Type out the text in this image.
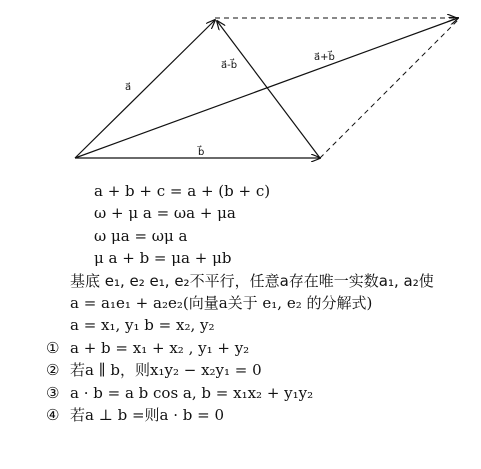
a⃗
b⃗
a⃗-b⃗
a⃗+b⃗
a + b + c = a + (b + c)
ω + μ a = ωa + μa
ω μa = ωμ a
μ a + b = μa + μb
基底 e₁, e₂ e₁, e₂不平行，任意a存在唯一实数a₁, a₂使
a = a₁e₁ + a₂e₂(向量a关于 e₁, e₂ 的分解式)
a = x₁, y₁ b = x₂, y₂
① a + b = x₁ + x₂ , y₁ + y₂
② 若a ∥ b，则x₁y₂ − x₂y₁ = 0
③ a · b = a b cos a, b = x₁x₂ + y₁y₂
④ 若a ⊥ b =则a · b = 0
